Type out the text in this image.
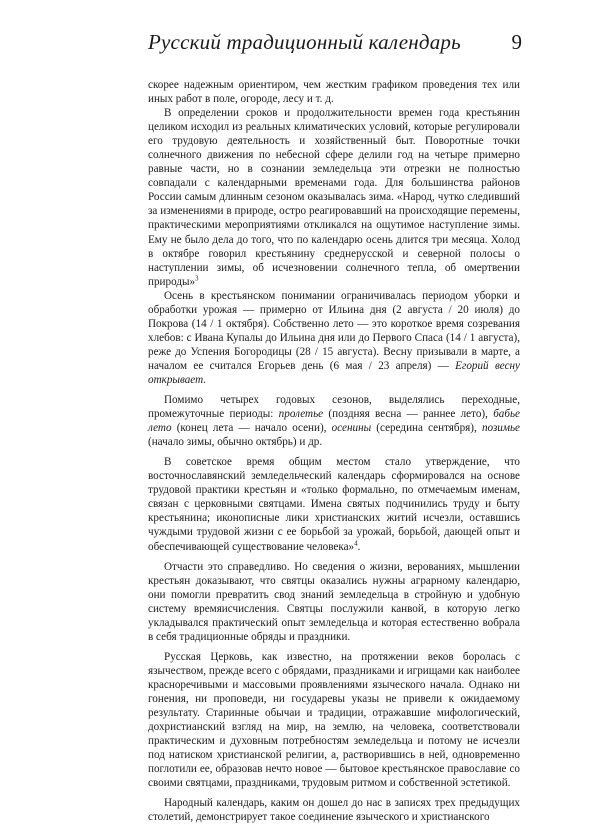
Русский традиционный календарь 9

скорее надежным ориентиром, чем жестким графиком проведения тех или иных работ в поле, огороде, лесу и т. д.

В определении сроков и продолжительности времен года крестьянин целиком исходил из реальных климатических условий, которые регулировали его трудовую деятельность и хозяйственный быт. Поворотные точки солнечного движения по небесной сфере делили год на четыре примерно равные части, но в сознании земледельца эти отрезки не полностью совпадали с календарными временами года. Для большинства районов России самым длинным сезоном оказывалась зима. «Народ, чутко следивший за изменениями в природе, остро реагировавший на происходящие перемены, практическими мероприятиями откликался на ощутимое наступление зимы. Ему не было дела до того, что по календарю осень длится три месяца. Холод в октябре говорил крестьянину среднерусской и северной полосы о наступлении зимы, об исчезновении солнечного тепла, об омертвении природы»$^3$

Осень в крестьянском понимании ограничивалась периодом уборки и обработки урожая — примерно от Ильина дня (2 августа / 20 июля) до Покрова (14 / 1 октября). Собственно лето — это короткое время созревания хлебов: с Ивана Купалы до Ильина дня или до Первого Спаса (14 / 1 августа), реже до Успения Богородицы (28 / 15 августа). Весну призывали в марте, а началом ее считался Егорьев день (6 мая / 23 апреля) — Егорий весну открывает.

Помимо четырех годовых сезонов, выделялись переходные, промежуточные периоды: пролетье (поздняя весна — раннее лето), бабье лето (конец лета — начало осени), осенины (середина сентября), позимье (начало зимы, обычно октябрь) и др.

В советское время общим местом стало утверждение, что восточнославянский земледельческий календарь сформировался на основе трудовой практики крестьян и «только формально, по отмечаемым именам, связан с церковными святцами. Имена святых подчинились труду и быту крестьянина; иконописные лики христианских житий исчезли, оставшись чуждыми трудовой жизни с ее борьбой за урожай, борьбой, дающей опыт и обеспечивающей существование человека»$^4$.

Отчасти это справедливо. Но сведения о жизни, верованиях, мышлении крестьян доказывают, что святцы оказались нужны аграрному календарю, они помогли превратить свод знаний земледельца в стройную и удобную систему времяисчисления. Святцы послужили канвой, в которую легко укладывался практический опыт земледельца и которая естественно вобрала в себя традиционные обряды и праздники.

Русская Церковь, как известно, на протяжении веков боролась с язычеством, прежде всего с обрядами, праздниками и игрищами как наиболее красноречивыми и массовыми проявлениями языческого начала. Однако ни гонения, ни проповеди, ни государевы указы не привели к ожидаемому результату. Старинные обычаи и традиции, отражавшие мифологический, дохристианский взгляд на мир, на землю, на человека, соответствовали практическим и духовным потребностям земледельца и потому не исчезли под натиском христианской религии, а, растворившись в ней, одновременно поглотили ее, образовав нечто новое — бытовое крестьянское православие со своими святцами, праздниками, трудовым ритмом и собственной эстетикой.

Народный календарь, каким он дошел до нас в записях трех предыдущих столетий, демонстрирует такое соединение языческого и христианского
